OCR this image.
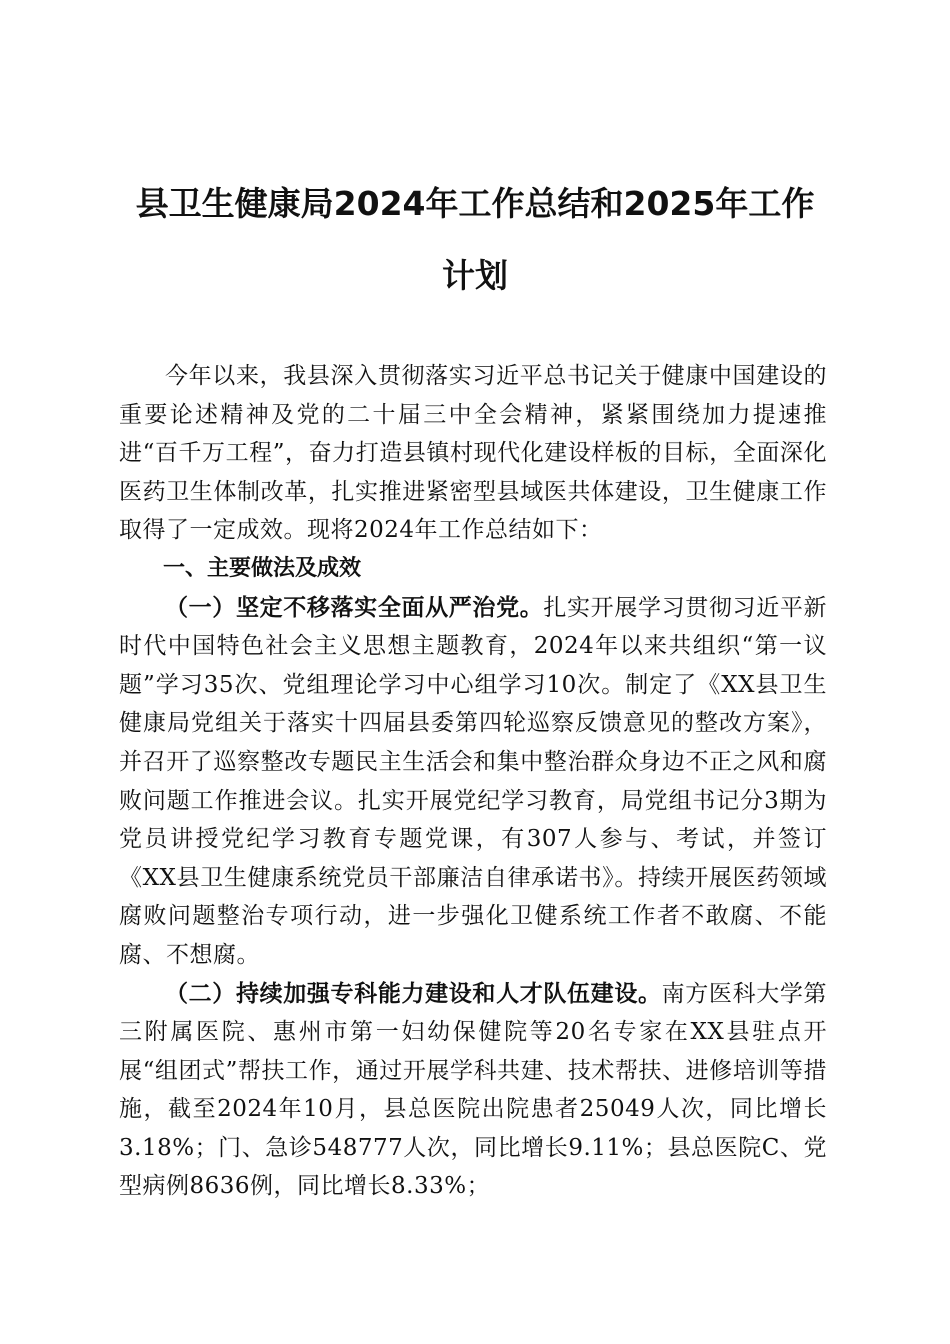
县卫生健康局2024年工作总结和2025年工作
计划

今年以来，我县深入贯彻落实习近平总书记关于健康中国建设的重要论述精神及党的二十届三中全会精神，紧紧围绕加力提速推进“百千万工程”，奋力打造县镇村现代化建设样板的目标，全面深化医药卫生体制改革，扎实推进紧密型县域医共体建设，卫生健康工作取得了一定成效。现将2024年工作总结如下：

一、主要做法及成效

（一）坚定不移落实全面从严治党。扎实开展学习贯彻习近平新时代中国特色社会主义思想主题教育，2024年以来共组织“第一议题”学习35次、党组理论学习中心组学习10次。制定了《XX县卫生健康局党组关于落实十四届县委第四轮巡察反馈意见的整改方案》，并召开了巡察整改专题民主生活会和集中整治群众身边不正之风和腐败问题工作推进会议。扎实开展党纪学习教育，局党组书记分3期为党员讲授党纪学习教育专题党课，有307人参与、考试，并签订《XX县卫生健康系统党员干部廉洁自律承诺书》。持续开展医药领域腐败问题整治专项行动，进一步强化卫健系统工作者不敢腐、不能腐、不想腐。

（二）持续加强专科能力建设和人才队伍建设。南方医科大学第三附属医院、惠州市第一妇幼保健院等20名专家在XX县驻点开展“组团式”帮扶工作，通过开展学科共建、技术帮扶、进修培训等措施，截至2024年10月，县总医院出院患者25049人次，同比增长3.18%；门、急诊548777人次，同比增长9.11%；县总医院C、党型病例8636例，同比增长8.33%；
